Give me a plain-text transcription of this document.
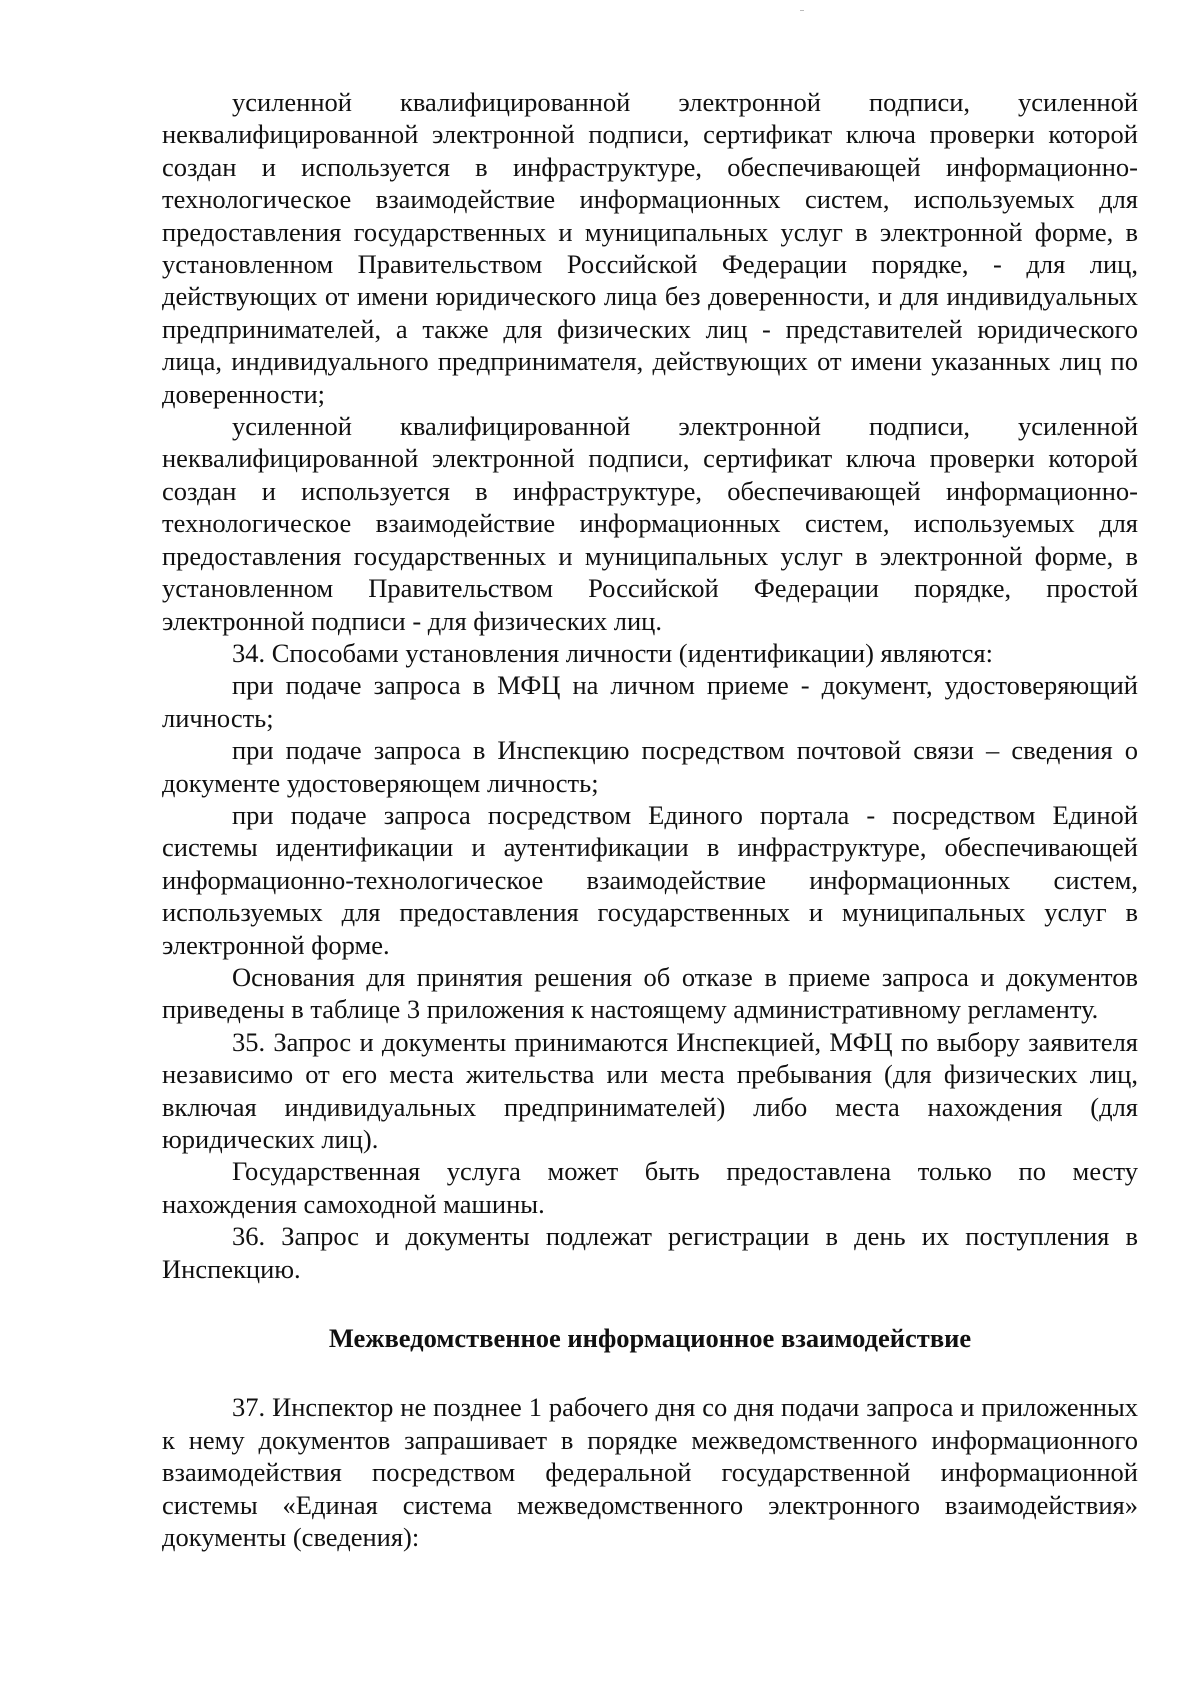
усиленной квалифицированной электронной подписи, усиленной неквалифицированной электронной подписи, сертификат ключа проверки которой создан и используется в инфраструктуре, обеспечивающей информационно-технологическое взаимодействие информационных систем, используемых для предоставления государственных и муниципальных услуг в электронной форме, в установленном Правительством Российской Федерации порядке, - для лиц, действующих от имени юридического лица без доверенности, и для индивидуальных предпринимателей, а также для физических лиц - представителей юридического лица, индивидуального предпринимателя, действующих от имени указанных лиц по доверенности;

усиленной квалифицированной электронной подписи, усиленной неквалифицированной электронной подписи, сертификат ключа проверки которой создан и используется в инфраструктуре, обеспечивающей информационно-технологическое взаимодействие информационных систем, используемых для предоставления государственных и муниципальных услуг в электронной форме, в установленном Правительством Российской Федерации порядке, простой электронной подписи - для физических лиц.

34. Способами установления личности (идентификации) являются:

при подаче запроса в МФЦ на личном приеме - документ, удостоверяющий личность;

при подаче запроса в Инспекцию посредством почтовой связи – сведения о документе удостоверяющем личность;

при подаче запроса посредством Единого портала - посредством Единой системы идентификации и аутентификации в инфраструктуре, обеспечивающей информационно-технологическое взаимодействие информационных систем, используемых для предоставления государственных и муниципальных услуг в электронной форме.

Основания для принятия решения об отказе в приеме запроса и документов приведены в таблице 3 приложения к настоящему административному регламенту.

35. Запрос и документы принимаются Инспекцией, МФЦ по выбору заявителя независимо от его места жительства или места пребывания (для физических лиц, включая индивидуальных предпринимателей) либо места нахождения (для юридических лиц).

Государственная услуга может быть предоставлена только по месту нахождения самоходной машины.

36. Запрос и документы подлежат регистрации в день их поступления в Инспекцию.

Межведомственное информационное взаимодействие

37. Инспектор не позднее 1 рабочего дня со дня подачи запроса и приложенных к нему документов запрашивает в порядке межведомственного информационного взаимодействия посредством федеральной государственной информационной системы «Единая система межведомственного электронного взаимодействия» документы (сведения):
